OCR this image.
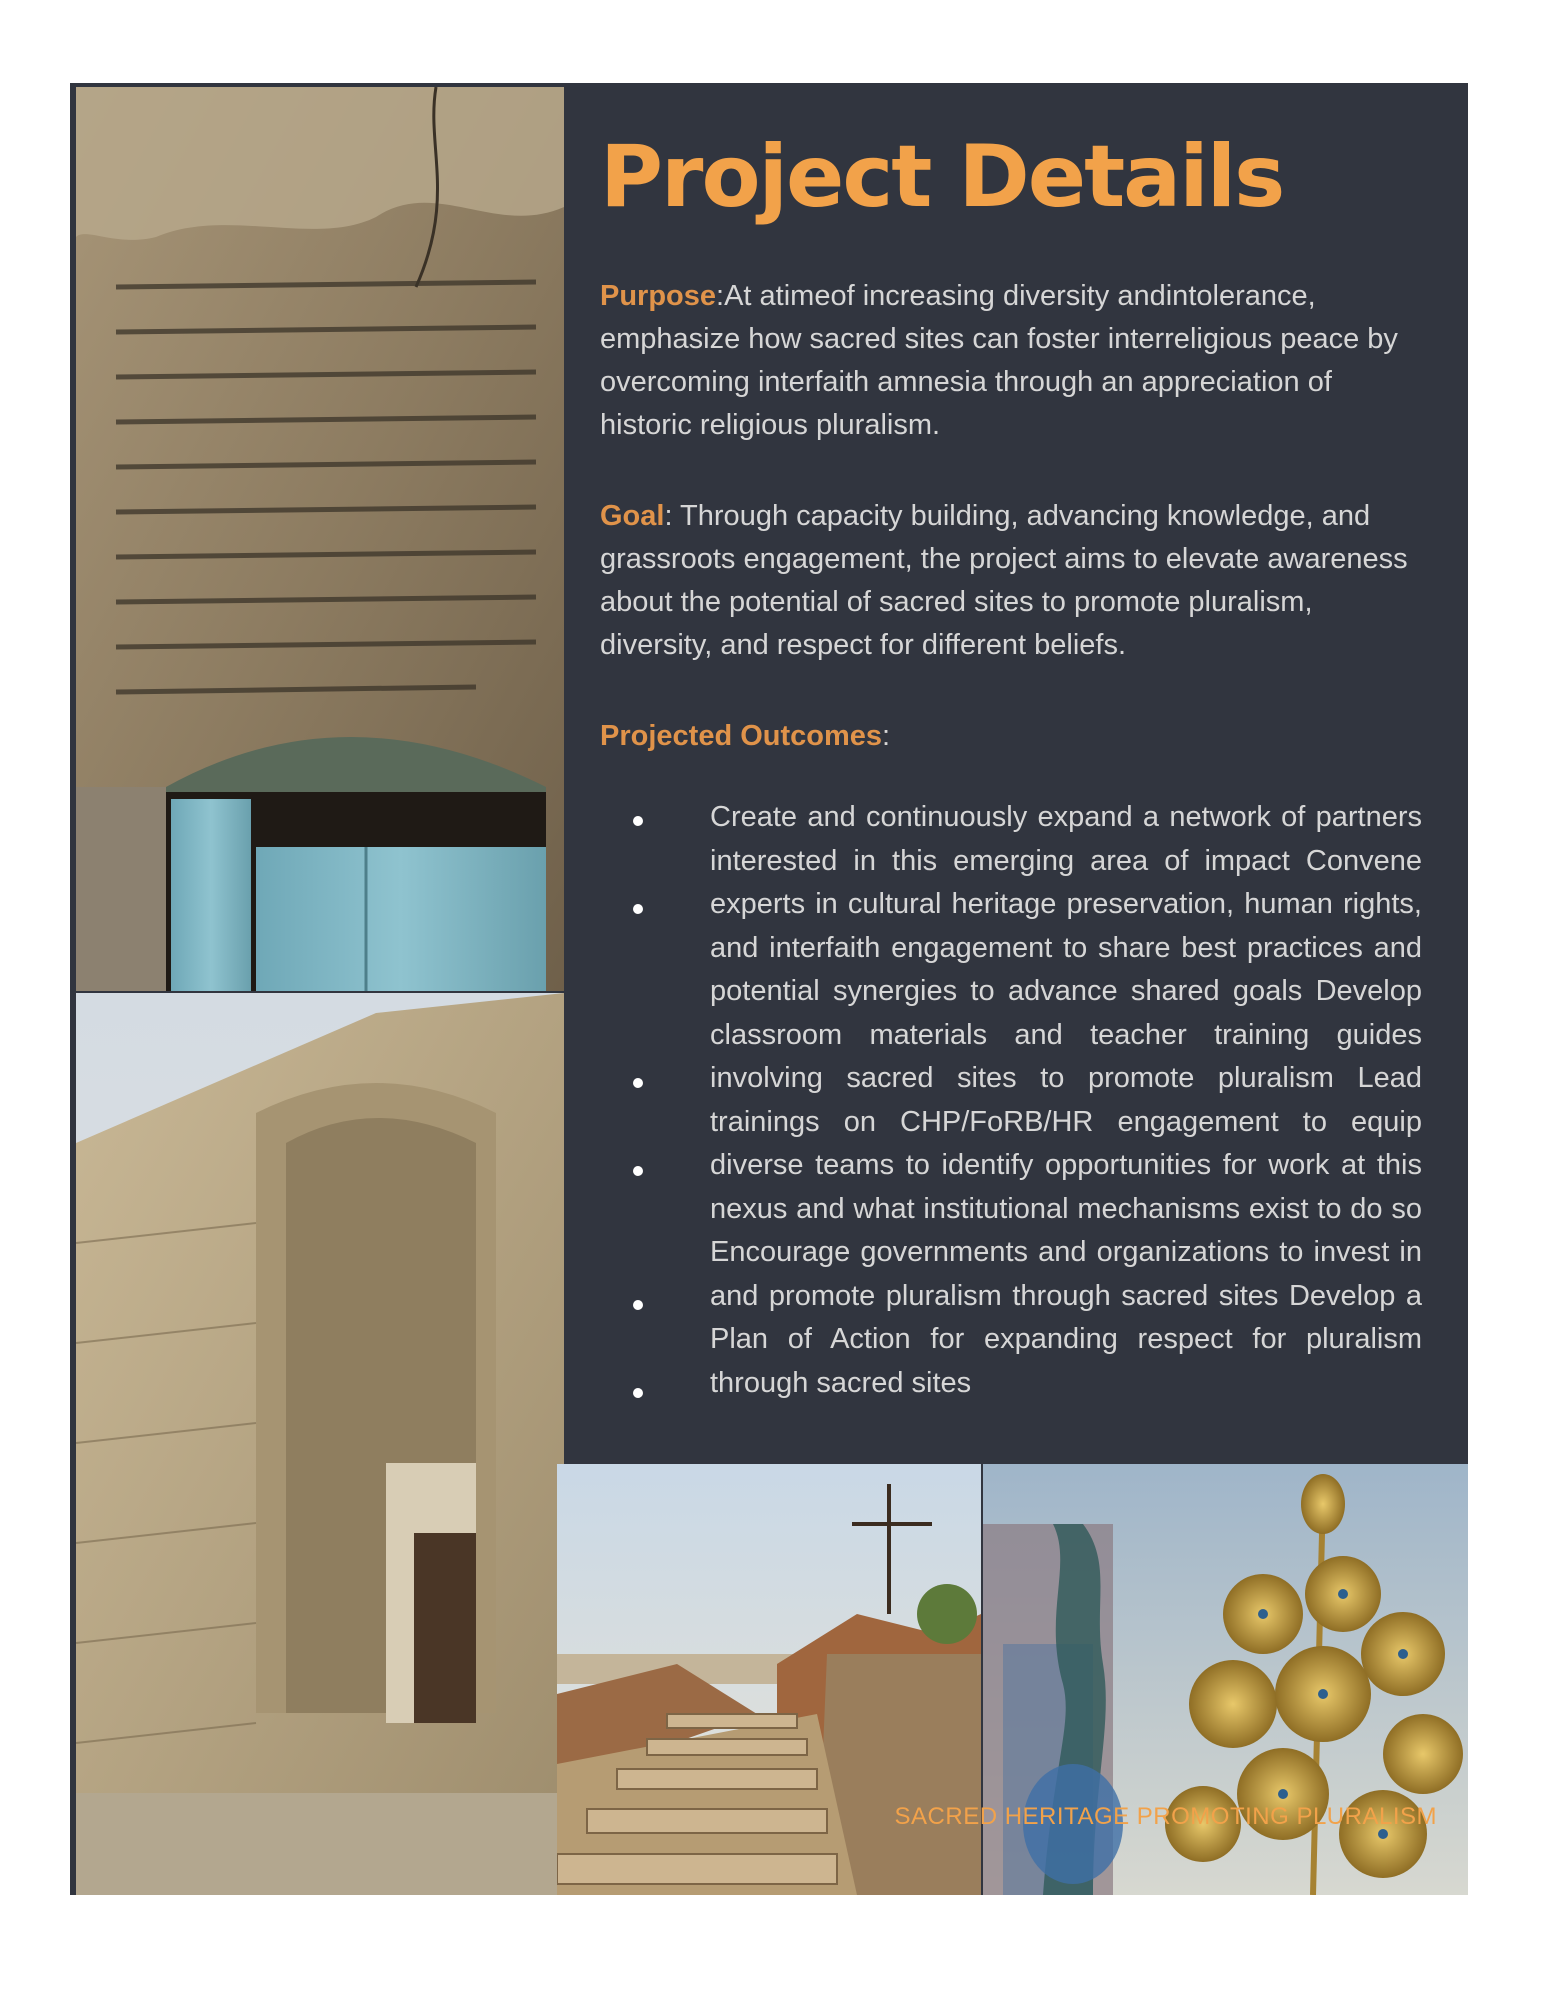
Project Details

Purpose:At atimeof increasing diversity andintolerance, emphasize how sacred sites can foster interreligious peace by overcoming interfaith amnesia through an appreciation of historic religious pluralism.

Goal: Through capacity building, advancing knowledge, and grassroots engagement, the project aims to elevate awareness about the potential of sacred sites to promote pluralism, diversity, and respect for different beliefs.

Projected Outcomes:

Create and continuously expand a network of partners interested in this emerging area of impact Convene experts in cultural heritage preservation, human rights, and interfaith engagement to share best practices and potential synergies to advance shared goals Develop classroom materials and teacher training guides involving sacred sites to promote pluralism Lead trainings on CHP/FoRB/HR engagement to equip diverse teams to identify opportunities for work at this nexus and what institutional mechanisms exist to do so Encourage governments and organizations to invest in and promote pluralism through sacred sites Develop a Plan of Action for expanding respect for pluralism through sacred sites

SACRED HERITAGE PROMOTING PLURALISM
